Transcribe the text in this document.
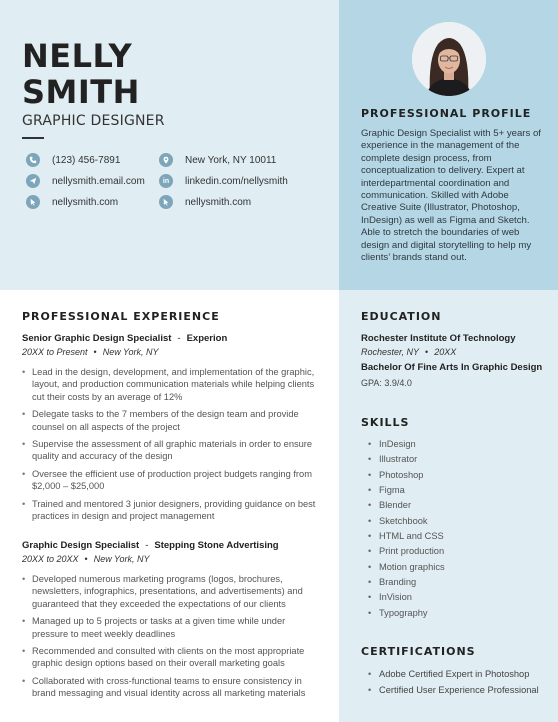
NELLY
SMITH
GRAPHIC DESIGNER
(123) 456-7891
nellysmith.email.com
nellysmith.com
New York, NY 10011
in	linkedin.com/nellysmith
nellysmith.com
PROFESSIONAL PROFILE
Graphic Design Specialist with 5+ years of experience in the management of the complete design process, from conceptualization to delivery. Expert at interdepartmental coordination and communication. Skilled with Adobe Creative Suite (Illustrator, Photoshop, InDesign) as well as Figma and Sketch. Able to stretch the boundaries of web design and digital storytelling to help my clients’ brands stand out.
PROFESSIONAL EXPERIENCE
Senior Graphic Design Specialist - Experion
20XX to Present • New York, NY
• Lead in the design, development, and implementation of the graphic, layout, and production communication materials while helping clients cut their costs by an average of 12%
• Delegate tasks to the 7 members of the design team and provide counsel on all aspects of the project
• Supervise the assessment of all graphic materials in order to ensure quality and accuracy of the design
• Oversee the efficient use of production project budgets ranging from $2,000 – $25,000
• Trained and mentored 3 junior designers, providing guidance on best practices in design and project management
Graphic Design Specialist - Stepping Stone Advertising
20XX to 20XX • New York, NY
• Developed numerous marketing programs (logos, brochures, newsletters, infographics, presentations, and advertisements) and guaranteed that they exceeded the expectations of our clients
• Managed up to 5 projects or tasks at a given time while under pressure to meet weekly deadlines
• Recommended and consulted with clients on the most appropriate graphic design options based on their overall marketing goals
• Collaborated with cross-functional teams to ensure consistency in brand messaging and visual identity across all marketing materials
EDUCATION
Rochester Institute Of Technology
Rochester, NY • 20XX
Bachelor Of Fine Arts In Graphic Design
GPA: 3.9/4.0
SKILLS
• InDesign
• Illustrator
• Photoshop
• Figma
• Blender
• Sketchbook
• HTML and CSS
• Print production
• Motion graphics
• Branding
• InVision
• Typography
CERTIFICATIONS
• Adobe Certified Expert in Photoshop
• Certified User Experience Professional
